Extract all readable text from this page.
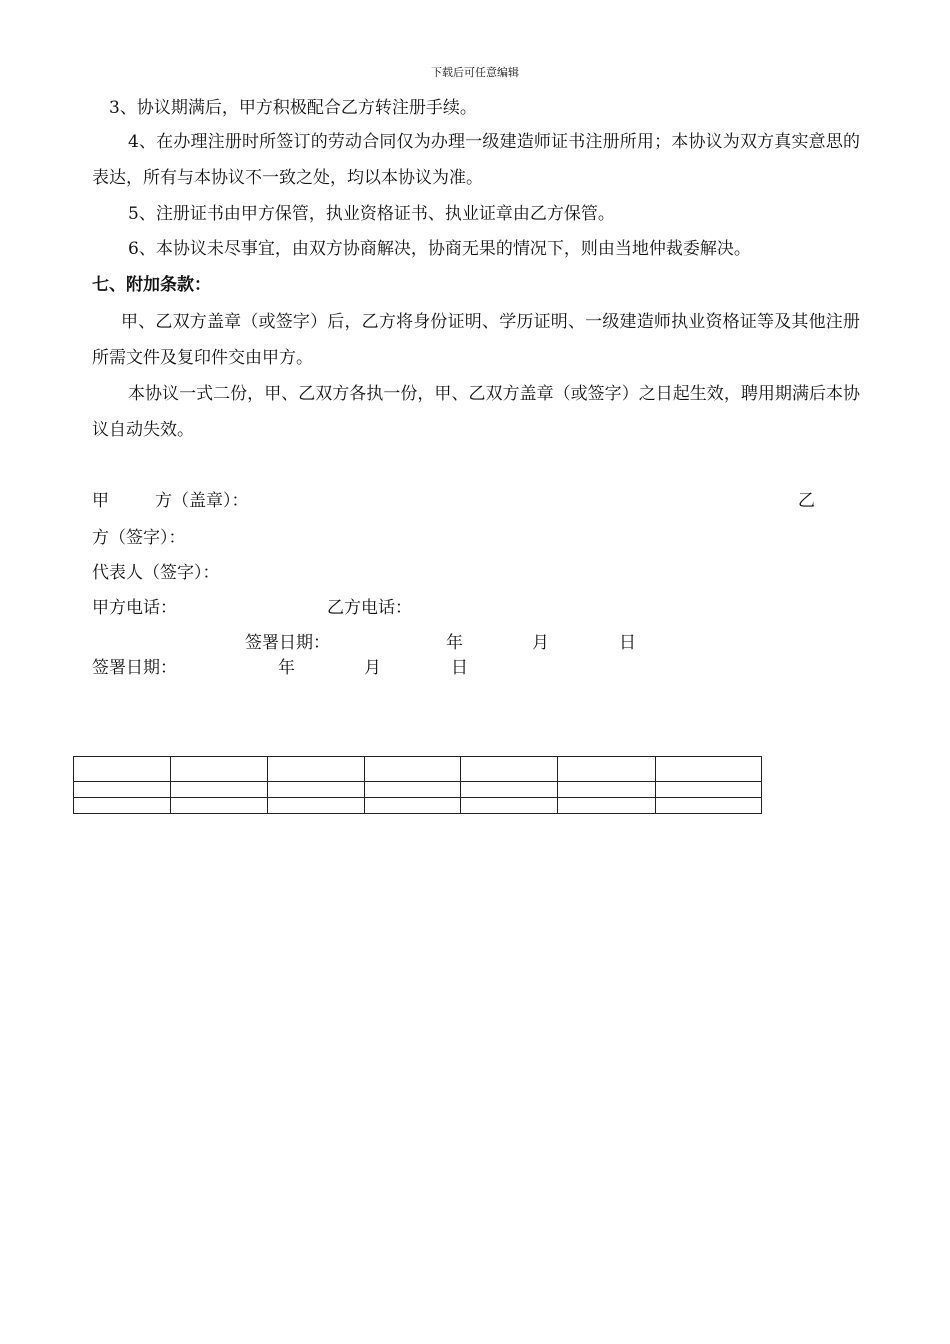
下载后可任意编辑

3、协议期满后，甲方积极配合乙方转注册手续。

4、在办理注册时所签订的劳动合同仅为办理一级建造师证书注册所用；本协议为双方真实意思的表达，所有与本协议不一致之处，均以本协议为准。

5、注册证书由甲方保管，执业资格证书、执业证章由乙方保管。

6、本协议未尽事宜，由双方协商解决，协商无果的情况下，则由当地仲裁委解决。

七、附加条款：

甲、乙双方盖章（或签字）后，乙方将身份证明、学历证明、一级建造师执业资格证等及其他注册所需文件及复印件交由甲方。

本协议一式二份，甲、乙双方各执一份，甲、乙双方盖章（或签字）之日起生效，聘用期满后本协议自动失效。

甲	方（盖章）：	乙
方（签字）：
代表人（签字）：
甲方电话：	乙方电话：
签署日期：	年	月	日
签署日期：	年	月	日
